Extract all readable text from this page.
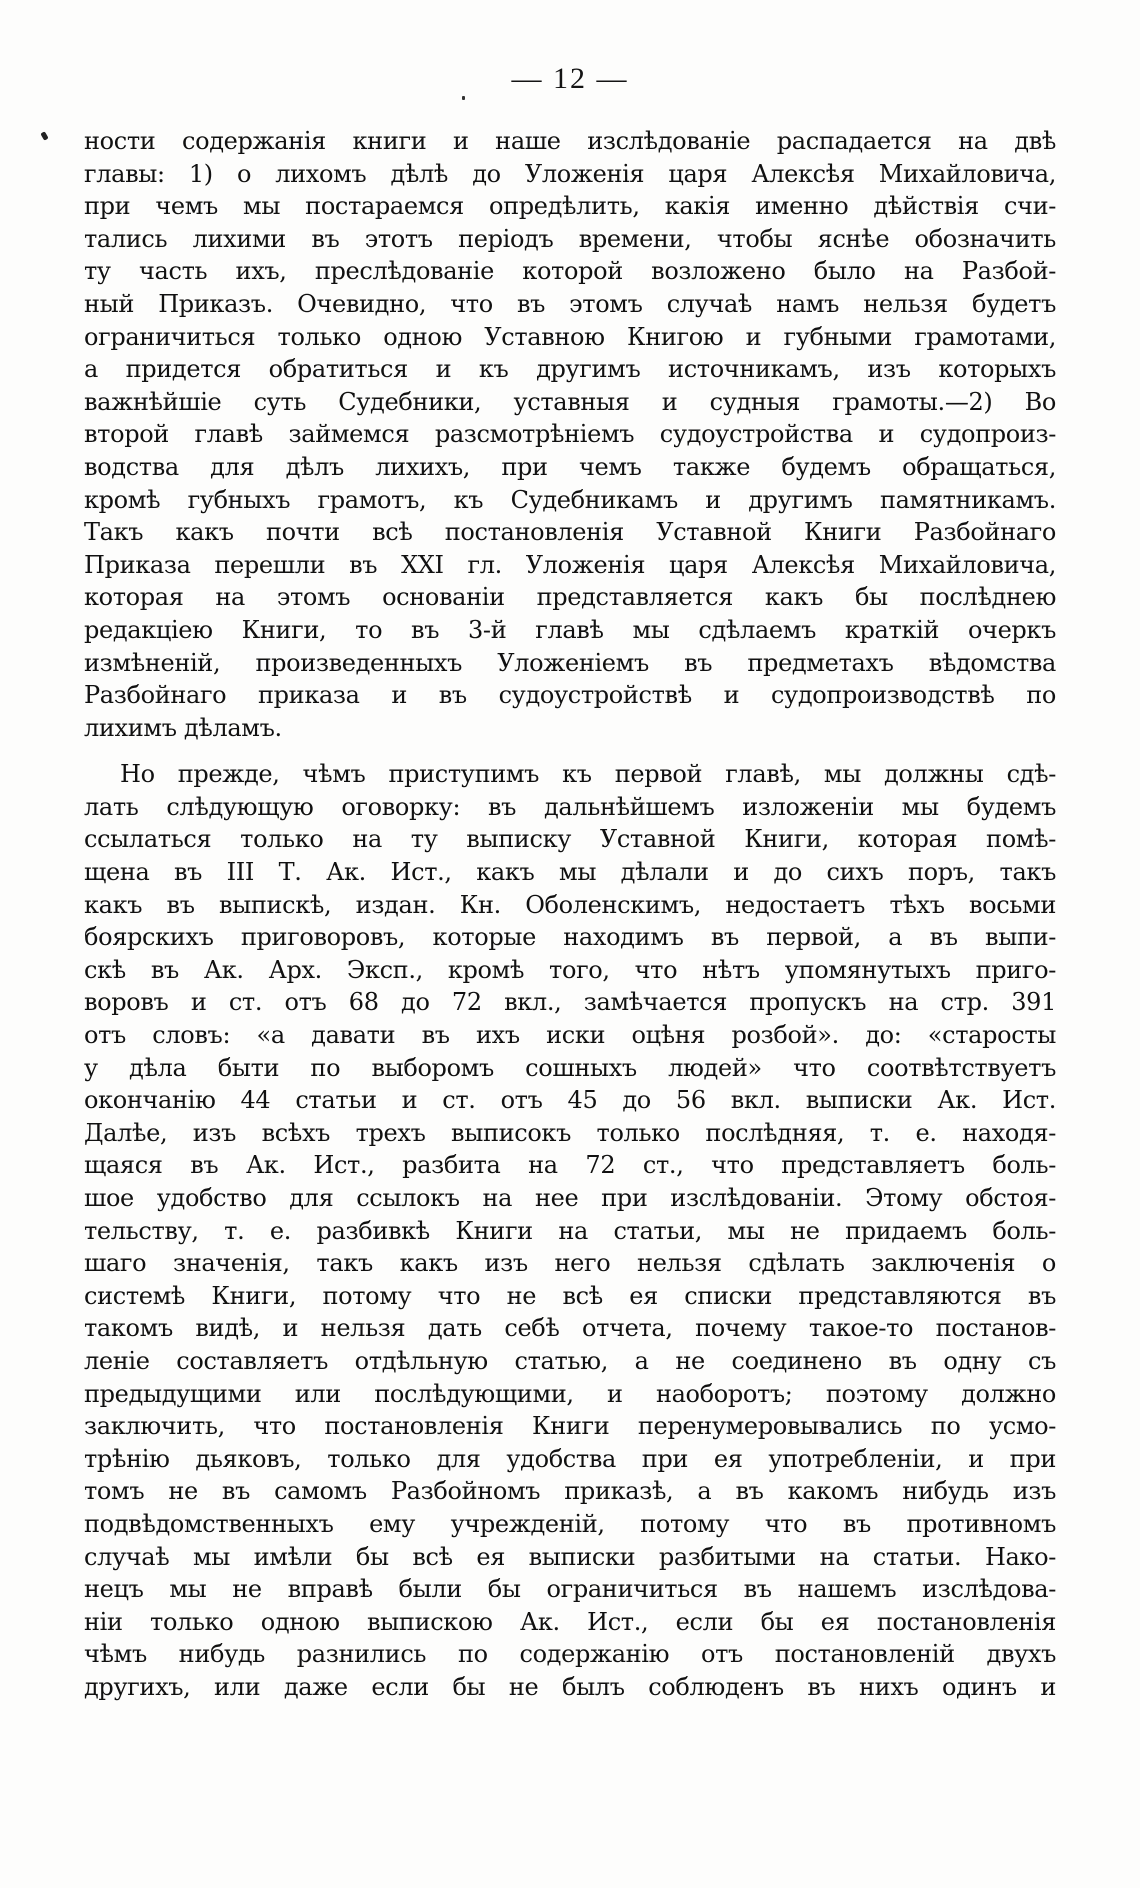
— 12 —
ности содержанія книги и наше изслѣдованіе распадается на двѣ
главы: 1) о лихомъ дѣлѣ до Уложенія царя Алексѣя Михайловича,
при чемъ мы постараемся опредѣлить, какія именно дѣйствія счи-
тались лихими въ этотъ періодъ времени, чтобы яснѣе обозначить
ту часть ихъ, преслѣдованіе которой возложено было на Разбой-
ный Приказъ. Очевидно, что въ этомъ случаѣ намъ нельзя будетъ
ограничиться только одною Уставною Книгою и губными грамотами,
а придется обратиться и къ другимъ источникамъ, изъ которыхъ
важнѣйшіе суть Судебники, уставныя и судныя грамоты.—2) Во
второй главѣ займемся разсмотрѣніемъ судоустройства и судопроиз-
водства для дѣлъ лихихъ, при чемъ также будемъ обращаться,
кромѣ губныхъ грамотъ, къ Судебникамъ и другимъ памятникамъ.
Такъ какъ почти всѣ постановленія Уставной Книги Разбойнаго
Приказа перешли въ XXI гл. Уложенія царя Алексѣя Михайловича,
которая на этомъ основаніи представляется какъ бы послѣднею
редакціею Книги, то въ 3-й главѣ мы сдѣлаемъ краткій очеркъ
измѣненій, произведенныхъ Уложеніемъ въ предметахъ вѣдомства
Разбойнаго приказа и въ судоустройствѣ и судопроизводствѣ по
лихимъ дѣламъ.
Но прежде, чѣмъ приступимъ къ первой главѣ, мы должны сдѣ-
лать слѣдующую оговорку: въ дальнѣйшемъ изложеніи мы будемъ
ссылаться только на ту выписку Уставной Книги, которая помѣ-
щена въ III Т. Ак. Ист., какъ мы дѣлали и до сихъ поръ, такъ
какъ въ выпискѣ, издан. Кн. Оболенскимъ, недостаетъ тѣхъ восьми
боярскихъ приговоровъ, которые находимъ въ первой, а въ выпи-
скѣ въ Ак. Арх. Эксп., кромѣ того, что нѣтъ упомянутыхъ приго-
воровъ и ст. отъ 68 до 72 вкл., замѣчается пропускъ на стр. 391
отъ словъ: «а давати въ ихъ иски оцѣня розбой». до: «старосты
у дѣла быти по выборомъ сошныхъ людей» что соотвѣтствуетъ
окончанію 44 статьи и ст. отъ 45 до 56 вкл. выписки Ак. Ист.
Далѣе, изъ всѣхъ трехъ выписокъ только послѣдняя, т. е. находя-
щаяся въ Ак. Ист., разбита на 72 ст., что представляетъ боль-
шое удобство для ссылокъ на нее при изслѣдованіи. Этому обстоя-
тельству, т. е. разбивкѣ Книги на статьи, мы не придаемъ боль-
шаго значенія, такъ какъ изъ него нельзя сдѣлать заключенія о
системѣ Книги, потому что не всѣ ея списки представляются въ
такомъ видѣ, и нельзя дать себѣ отчета, почему такое-то постанов-
леніе составляетъ отдѣльную статью, а не соединено въ одну съ
предыдущими или послѣдующими, и наоборотъ; поэтому должно
заключить, что постановленія Книги перенумеровывались по усмо-
трѣнію дьяковъ, только для удобства при ея употребленіи, и при
томъ не въ самомъ Разбойномъ приказѣ, а въ какомъ нибудь изъ
подвѣдомственныхъ ему учрежденій, потому что въ противномъ
случаѣ мы имѣли бы всѣ ея выписки разбитыми на статьи. Нако-
нецъ мы не вправѣ были бы ограничиться въ нашемъ изслѣдова-
ніи только одною выпискою Ак. Ист., если бы ея постановленія
чѣмъ нибудь разнились по содержанію отъ постановленій двухъ
другихъ, или даже если бы не былъ соблюденъ въ нихъ одинъ и
